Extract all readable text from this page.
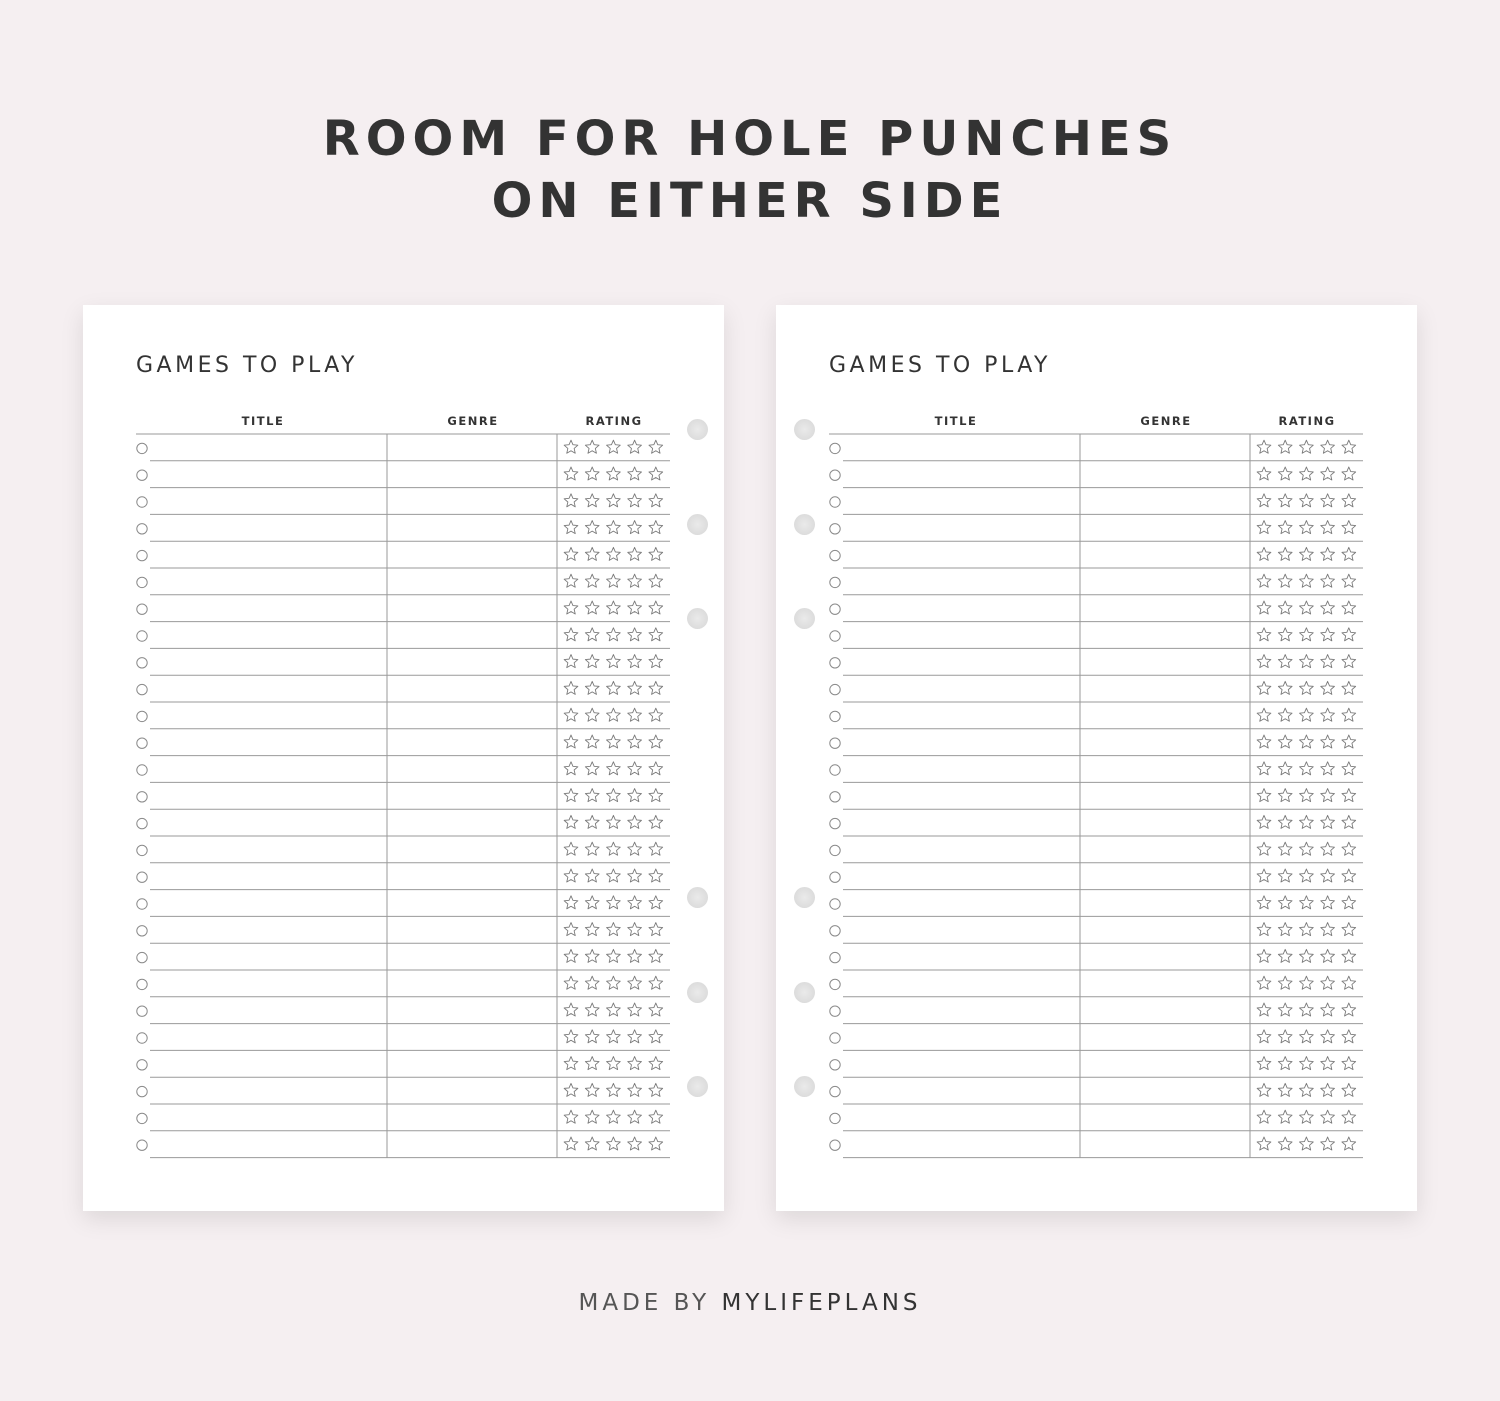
ROOM FOR HOLE PUNCHES
ON EITHER SIDE
GAMES TO PLAY
TITLE	GENRE	RATING
GAMES TO PLAY
TITLE	GENRE	RATING
MADE BY MYLIFEPLANS
